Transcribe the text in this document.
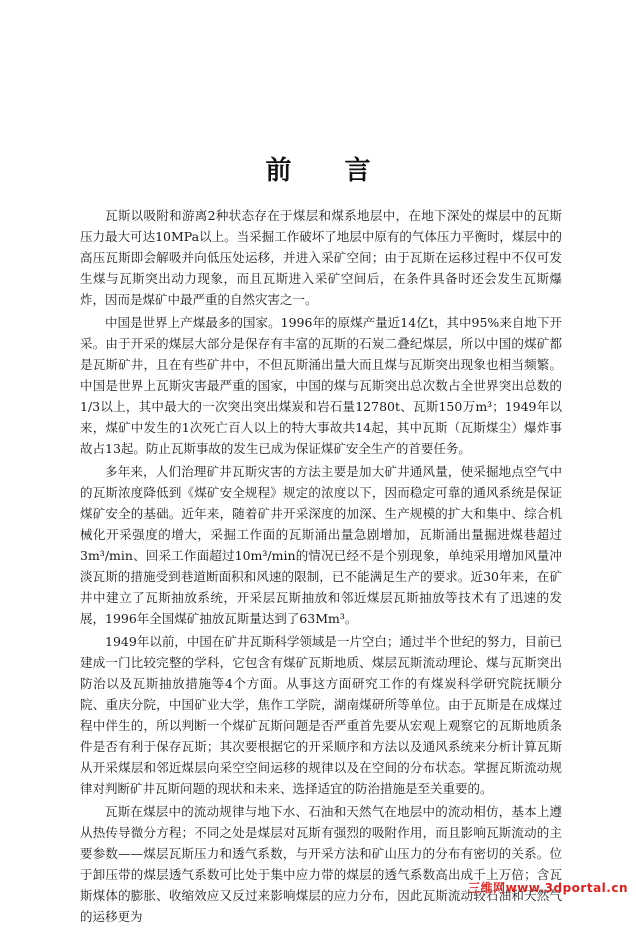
前 言

瓦斯以吸附和游离2种状态存在于煤层和煤系地层中，在地下深处的煤层中的瓦斯压力最大可达10MPa以上。当采掘工作破坏了地层中原有的气体压力平衡时，煤层中的高压瓦斯即会解吸并向低压处运移，并进入采矿空间；由于瓦斯在运移过程中不仅可发生煤与瓦斯突出动力现象，而且瓦斯进入采矿空间后，在条件具备时还会发生瓦斯爆炸，因而是煤矿中最严重的自然灾害之一。

中国是世界上产煤最多的国家。1996年的原煤产量近14亿t，其中95%来自地下开采。由于开采的煤层大部分是保存有丰富的瓦斯的石炭二叠纪煤层，所以中国的煤矿都是瓦斯矿井，且在有些矿井中，不但瓦斯涌出量大而且煤与瓦斯突出现象也相当频繁。中国是世界上瓦斯灾害最严重的国家，中国的煤与瓦斯突出总次数占全世界突出总数的1/3以上，其中最大的一次突出突出煤炭和岩石量12780t、瓦斯150万m³；1949年以来，煤矿中发生的1次死亡百人以上的特大事故共14起，其中瓦斯（瓦斯煤尘）爆炸事故占13起。防止瓦斯事故的发生已成为保证煤矿安全生产的首要任务。

多年来，人们治理矿井瓦斯灾害的方法主要是加大矿井通风量，使采掘地点空气中的瓦斯浓度降低到《煤矿安全规程》规定的浓度以下，因而稳定可靠的通风系统是保证煤矿安全的基础。近年来，随着矿井开采深度的加深、生产规模的扩大和集中、综合机械化开采强度的增大，采掘工作面的瓦斯涌出量急剧增加，瓦斯涌出量掘进煤巷超过3m³/min、回采工作面超过10m³/min的情况已经不是个别现象，单纯采用增加风量冲淡瓦斯的措施受到巷道断面积和风速的限制，已不能满足生产的要求。近30年来，在矿井中建立了瓦斯抽放系统，开采层瓦斯抽放和邻近煤层瓦斯抽放等技术有了迅速的发展，1996年全国煤矿抽放瓦斯量达到了63Mm³。

1949年以前，中国在矿井瓦斯科学领域是一片空白；通过半个世纪的努力，目前已建成一门比较完整的学科，它包含有煤矿瓦斯地质、煤层瓦斯流动理论、煤与瓦斯突出防治以及瓦斯抽放措施等4个方面。从事这方面研究工作的有煤炭科学研究院抚顺分院、重庆分院，中国矿业大学，焦作工学院，湖南煤研所等单位。由于瓦斯是在成煤过程中伴生的，所以判断一个煤矿瓦斯问题是否严重首先要从宏观上观察它的瓦斯地质条件是否有利于保存瓦斯；其次要根据它的开采顺序和方法以及通风系统来分析计算瓦斯从开采煤层和邻近煤层向采空空间运移的规律以及在空间的分布状态。掌握瓦斯流动规律对判断矿井瓦斯问题的现状和未来、选择适宜的防治措施是至关重要的。

瓦斯在煤层中的流动规律与地下水、石油和天然气在地层中的流动相仿，基本上遵从热传导微分方程；不同之处是煤层对瓦斯有强烈的吸附作用，而且影响瓦斯流动的主要参数——煤层瓦斯压力和透气系数，与开采方法和矿山压力的分布有密切的关系。位于卸压带的煤层透气系数可比处于集中应力带的煤层的透气系数高出成千上万倍；含瓦斯煤体的膨胀、收缩效应又反过来影响煤层的应力分布，因此瓦斯流动较石油和天然气的运移更为

三维网www.3dportal.cn
